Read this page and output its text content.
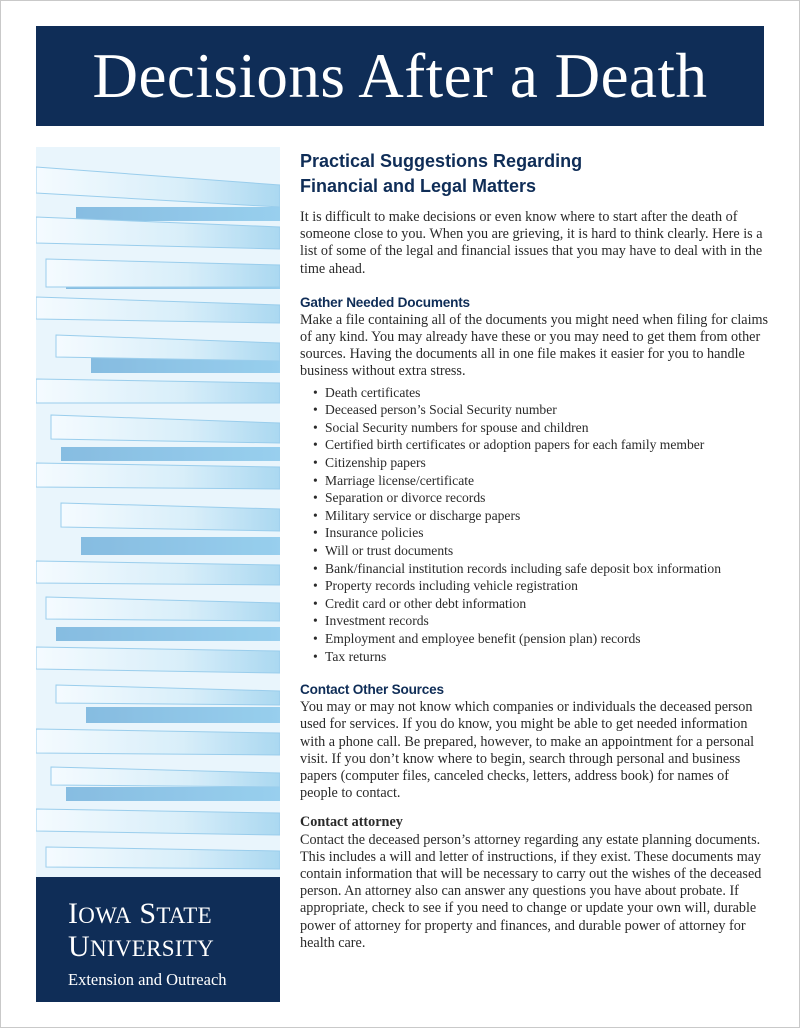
Decisions After a Death
IOWA STATE
UNIVERSITY
Extension and Outreach
Practical Suggestions Regarding
Financial and Legal Matters

It is difficult to make decisions or even know where to start after the death of someone close to you. When you are grieving, it is hard to think clearly. Here is a list of some of the legal and financial issues that you may have to deal with in the time ahead.

Gather Needed Documents

Make a file containing all of the documents you might need when filing for claims of any kind. You may already have these or you may need to get them from other sources. Having the documents all in one file makes it easier for you to handle business without extra stress.

• Death certificates
• Deceased person’s Social Security number
• Social Security numbers for spouse and children
• Certified birth certificates or adoption papers for each family member
• Citizenship papers
• Marriage license/certificate
• Separation or divorce records
• Military service or discharge papers
• Insurance policies
• Will or trust documents
• Bank/financial institution records including safe deposit box information
• Property records including vehicle registration
• Credit card or other debt information
• Investment records
• Employment and employee benefit (pension plan) records
• Tax returns
Contact Other Sources

You may or may not know which companies or individuals the deceased person used for services. If you do know, you might be able to get needed information with a phone call. Be prepared, however, to make an appointment for a personal visit. If you don’t know where to begin, search through personal and business papers (computer files, canceled checks, letters, address book) for names of people to contact.

Contact attorney

Contact the deceased person’s attorney regarding any estate planning documents. This includes a will and letter of instructions, if they exist. These documents may contain information that will be necessary to carry out the wishes of the deceased person. An attorney also can answer any questions you have about probate. If appropriate, check to see if you need to change or update your own will, durable power of attorney for property and finances, and durable power of attorney for health care.
